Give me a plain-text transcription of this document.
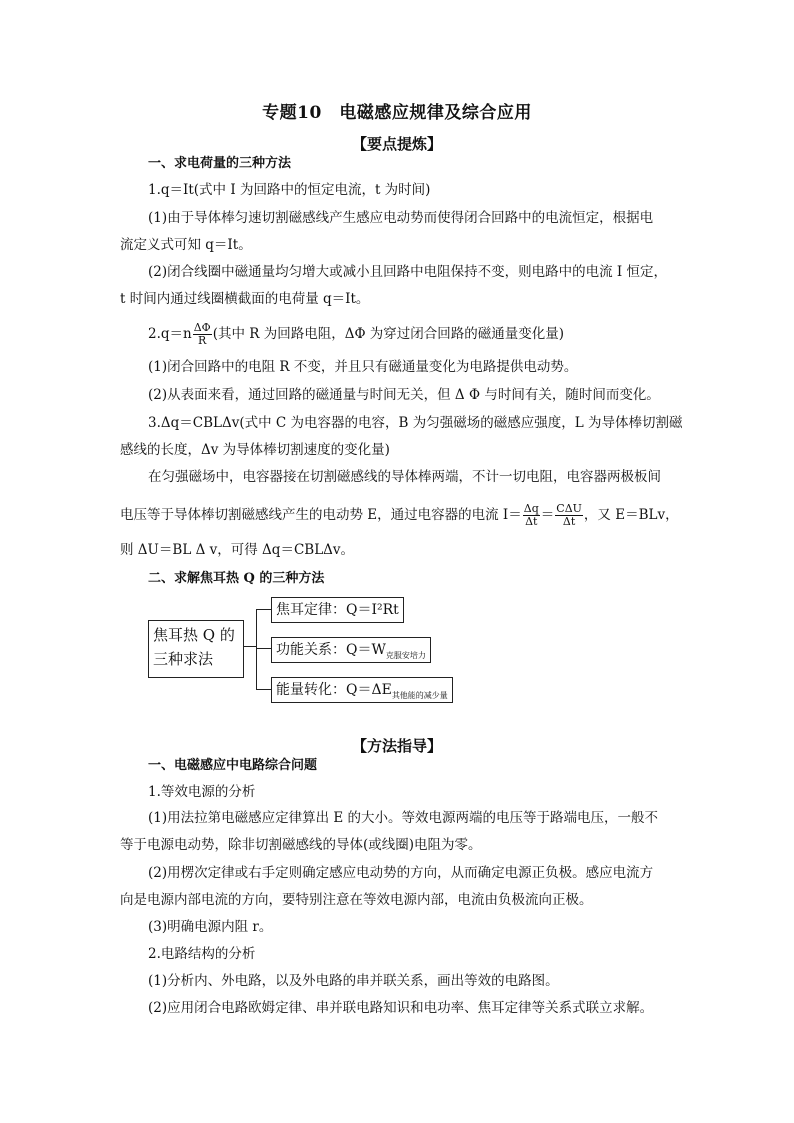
专题10　电磁感应规律及综合应用
【要点提炼】
一、求电荷量的三种方法
1.q＝It(式中 I 为回路中的恒定电流，t 为时间)
(1)由于导体棒匀速切割磁感线产生感应电动势而使得闭合回路中的电流恒定，根据电
流定义式可知 q＝It。
(2)闭合线圈中磁通量均匀增大或减小且回路中电阻保持不变，则电路中的电流 I 恒定，
t 时间内通过线圈横截面的电荷量 q＝It。
$2.q=n \frac{\Delta\Phi}{R}$ (其中 R 为回路电阻，ΔΦ 为穿过闭合回路的磁通量变化量)
(1)闭合回路中的电阻 R 不变，并且只有磁通量变化为电路提供电动势。
(2)从表面来看，通过回路的磁通量与时间无关，但 Δ Φ 与时间有关，随时间而变化。
3.Δq＝CBLΔv(式中 C 为电容器的电容，B 为匀强磁场的磁感应强度，L 为导体棒切割磁
感线的长度，Δv 为导体棒切割速度的变化量)
在匀强磁场中，电容器接在切割磁感线的导体棒两端，不计一切电阻，电容器两极板间
电压等于导体棒切割磁感线产生的电动势 E，通过电容器的电流 $I= \frac{\Delta q}{\Delta t} = \frac{\text{CΔU}}{\Delta t}$ ，又 E＝BLv，
则 ΔU＝BL Δ v，可得 Δq＝CBLΔv。
二、求解焦耳热 Q 的三种方法
焦耳热 Q 的
三种求法
焦耳定律：Q＝I²Rt
功能关系：$Q=W_{克服安培力}$
能量转化：$Q=\Delta E_{其他能的减少量}$
【方法指导】
一、电磁感应中电路综合问题
1.等效电源的分析
(1)用法拉第电磁感应定律算出 E 的大小。等效电源两端的电压等于路端电压，一般不
等于电源电动势，除非切割磁感线的导体(或线圈)电阻为零。
(2)用楞次定律或右手定则确定感应电动势的方向，从而确定电源正负极。感应电流方
向是电源内部电流的方向，要特别注意在等效电源内部，电流由负极流向正极。
(3)明确电源内阻 r。
2.电路结构的分析
(1)分析内、外电路，以及外电路的串并联关系，画出等效的电路图。
(2)应用闭合电路欧姆定律、串并联电路知识和电功率、焦耳定律等关系式联立求解。
